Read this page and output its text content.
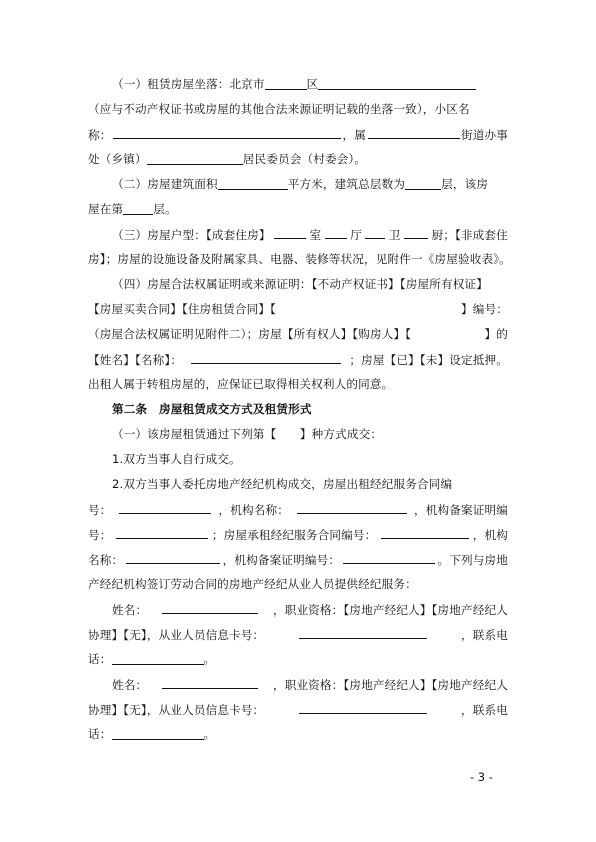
（一）租赁房屋坐落：北京市	区
（应与不动产权证书或房屋的其他合法来源证明记载的坐落一致），小区名
称：	，属	街道办事
处（乡镇）	居民委员会（村委会）。
（二）房屋建筑面积	平方米，建筑总层数为	层，该房
屋在第	层。
（三）房屋户型：【成套住房】	室 厅 卫	厨；【非成套住
房】；房屋的设施设备及附属家具、电器、装修等状况，见附件一《房屋验收表》。
（四）房屋合法权属证明或来源证明：【不动产权证书】【房屋所有权证】
【房屋买卖合同】【住房租赁合同】【	】编号：
（房屋合法权属证明见附件二）；房屋【所有权人】【购房人】【	】的
【姓名】【名称】：	；房屋【已】【未】设定抵押。
出租人属于转租房屋的，应保证已取得相关权利人的同意。
第二条　房屋租赁成交方式及租赁形式
（一）该房屋租赁通过下列第【　　】种方式成交：
1.双方当事人自行成交。
2.双方当事人委托房地产经纪机构成交，房屋出租经纪服务合同编
号：	，机构名称：	，机构备案证明编
号：	；房屋承租经纪服务合同编号：	，机构
名称：	，机构备案证明编号：	。下列与房地
产经纪机构签订劳动合同的房地产经纪从业人员提供经纪服务：
姓名：	，职业资格：【房地产经纪人】【房地产经纪人
协理】【无】，从业人员信息卡号：	，联系电
话：	。
姓名：	，职业资格：【房地产经纪人】【房地产经纪人
协理】【无】，从业人员信息卡号：	，联系电
话：	。
- 3 -
